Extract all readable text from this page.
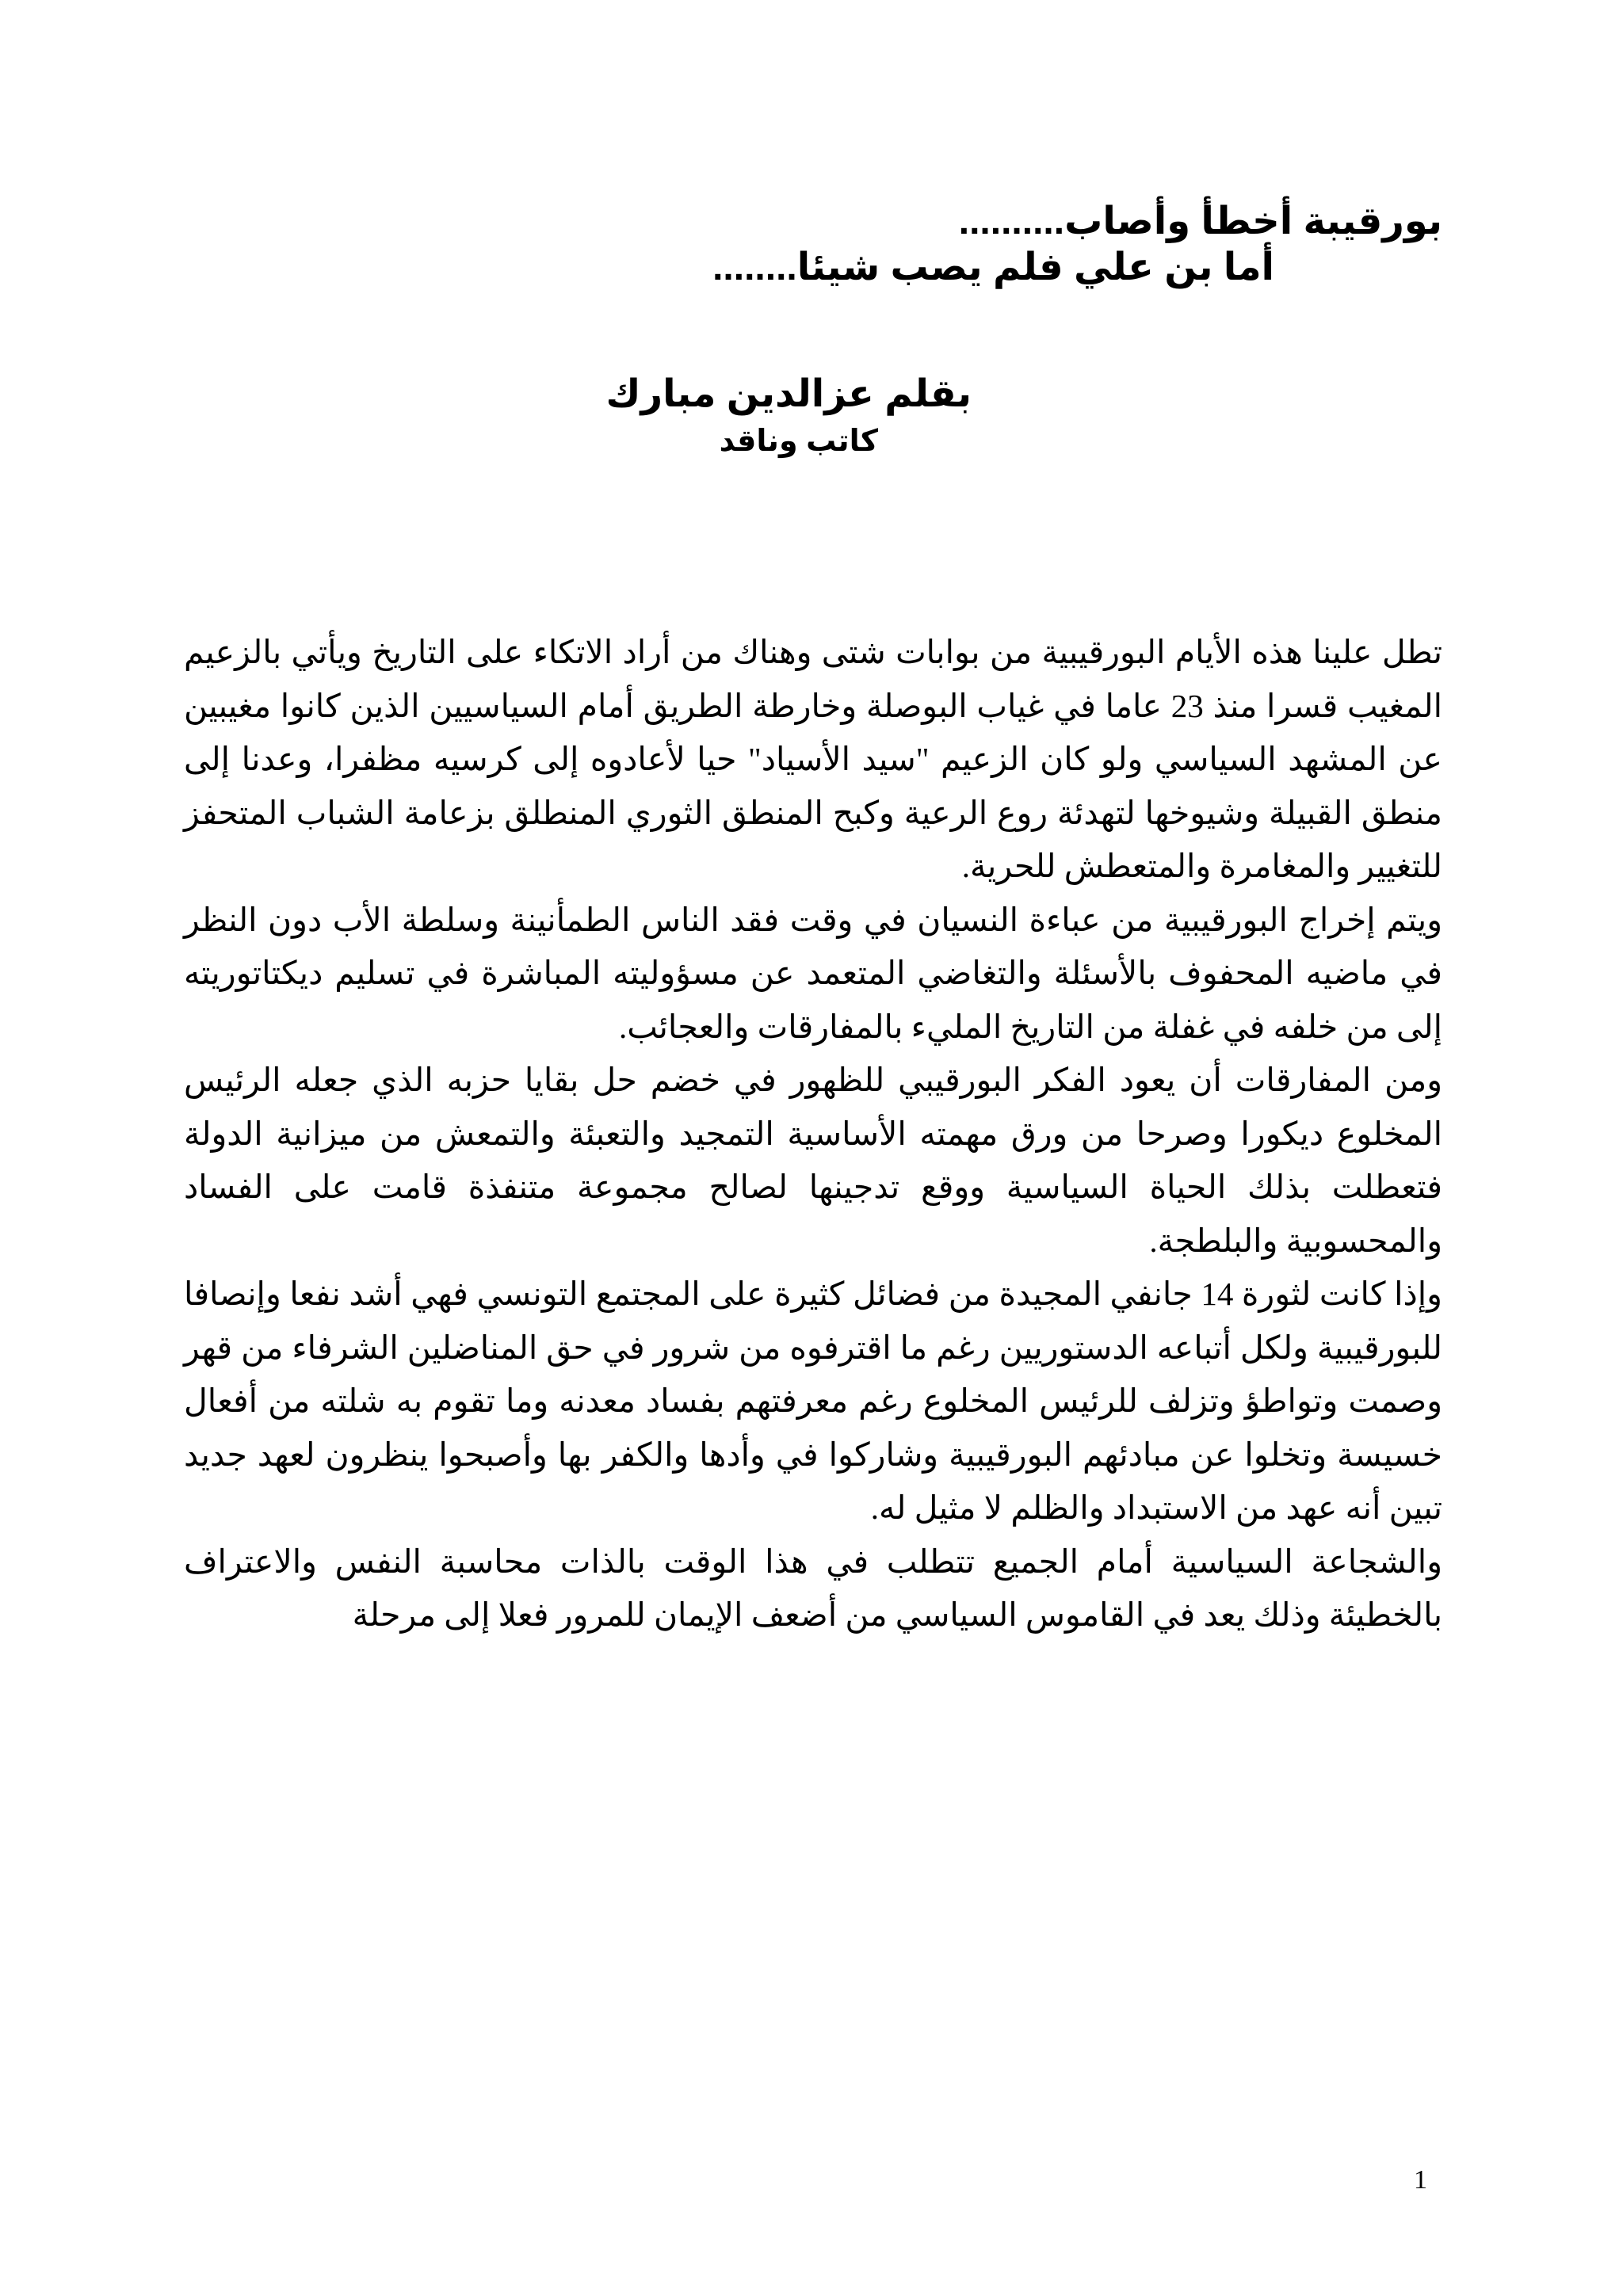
بورقيبة أخطأ وأصاب..........
أما بن علي فلم يصب شيئا........
بقلم عزالدين مبارك
كاتب وناقد

تطل علينا هذه الأيام البورقيبية من بوابات شتى وهناك من أراد الاتكاء على التاريخ ويأتي بالزعيم المغيب قسرا منذ 23 عاما في غياب البوصلة وخارطة الطريق أمام السياسيين الذين كانوا مغيبين عن المشهد السياسي ولو كان الزعيم "سيد الأسياد" حيا لأعادوه إلى كرسيه مظفرا، وعدنا إلى منطق القبيلة وشيوخها لتهدئة روع الرعية وكبح المنطق الثوري المنطلق بزعامة الشباب المتحفز للتغيير والمغامرة والمتعطش للحرية.

ويتم إخراج البورقيبية من عباءة النسيان في وقت فقد الناس الطمأنينة وسلطة الأب دون النظر في ماضيه المحفوف بالأسئلة والتغاضي المتعمد عن مسؤوليته المباشرة في تسليم ديكتاتوريته إلى من خلفه في غفلة من التاريخ المليء بالمفارقات والعجائب.

ومن المفارقات أن يعود الفكر البورقيبي للظهور في خضم حل بقايا حزبه الذي جعله الرئيس المخلوع ديكورا وصرحا من ورق مهمته الأساسية التمجيد والتعبئة والتمعش من ميزانية الدولة فتعطلت بذلك الحياة السياسية ووقع تدجينها لصالح مجموعة متنفذة قامت على الفساد والمحسوبية والبلطجة.

وإذا كانت لثورة 14 جانفي المجيدة من فضائل كثيرة على المجتمع التونسي فهي أشد نفعا وإنصافا للبورقيبية ولكل أتباعه الدستوريين رغم ما اقترفوه من شرور في حق المناضلين الشرفاء من قهر وصمت وتواطؤ وتزلف للرئيس المخلوع رغم معرفتهم بفساد معدنه وما تقوم به شلته من أفعال خسيسة وتخلوا عن مبادئهم البورقيبية وشاركوا في وأدها والكفر بها وأصبحوا ينظرون لعهد جديد تبين أنه عهد من الاستبداد والظلم لا مثيل له.

والشجاعة السياسية أمام الجميع تتطلب في هذا الوقت بالذات محاسبة النفس والاعتراف بالخطيئة وذلك يعد في القاموس السياسي من أضعف الإيمان للمرور فعلا إلى مرحلة

1
